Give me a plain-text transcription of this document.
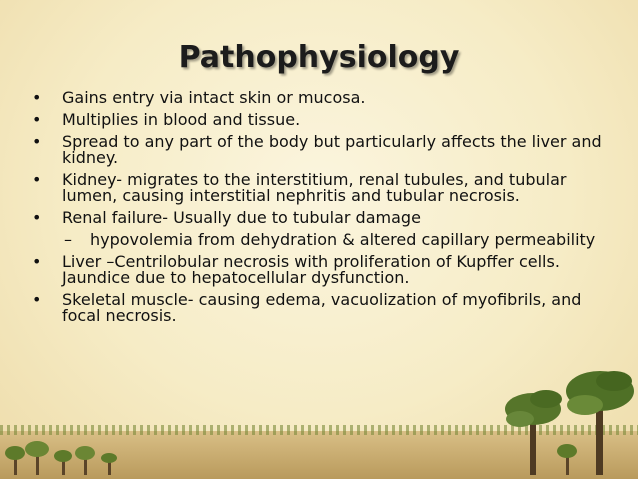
Pathophysiology
• Gains entry via intact skin or mucosa.
• Multiplies in blood and tissue.
• Spread to any part of the body but particularly affects the liver and kidney.
• Kidney- migrates to the interstitium, renal tubules, and tubular lumen, causing interstitial nephritis and tubular necrosis.
• Renal failure- Usually due to tubular damage
– hypovolemia from dehydration & altered capillary permeability
• Liver –Centrilobular necrosis with proliferation of Kupffer cells. Jaundice due to hepatocellular dysfunction.
• Skeletal muscle- causing edema, vacuolization of myofibrils, and focal necrosis.
